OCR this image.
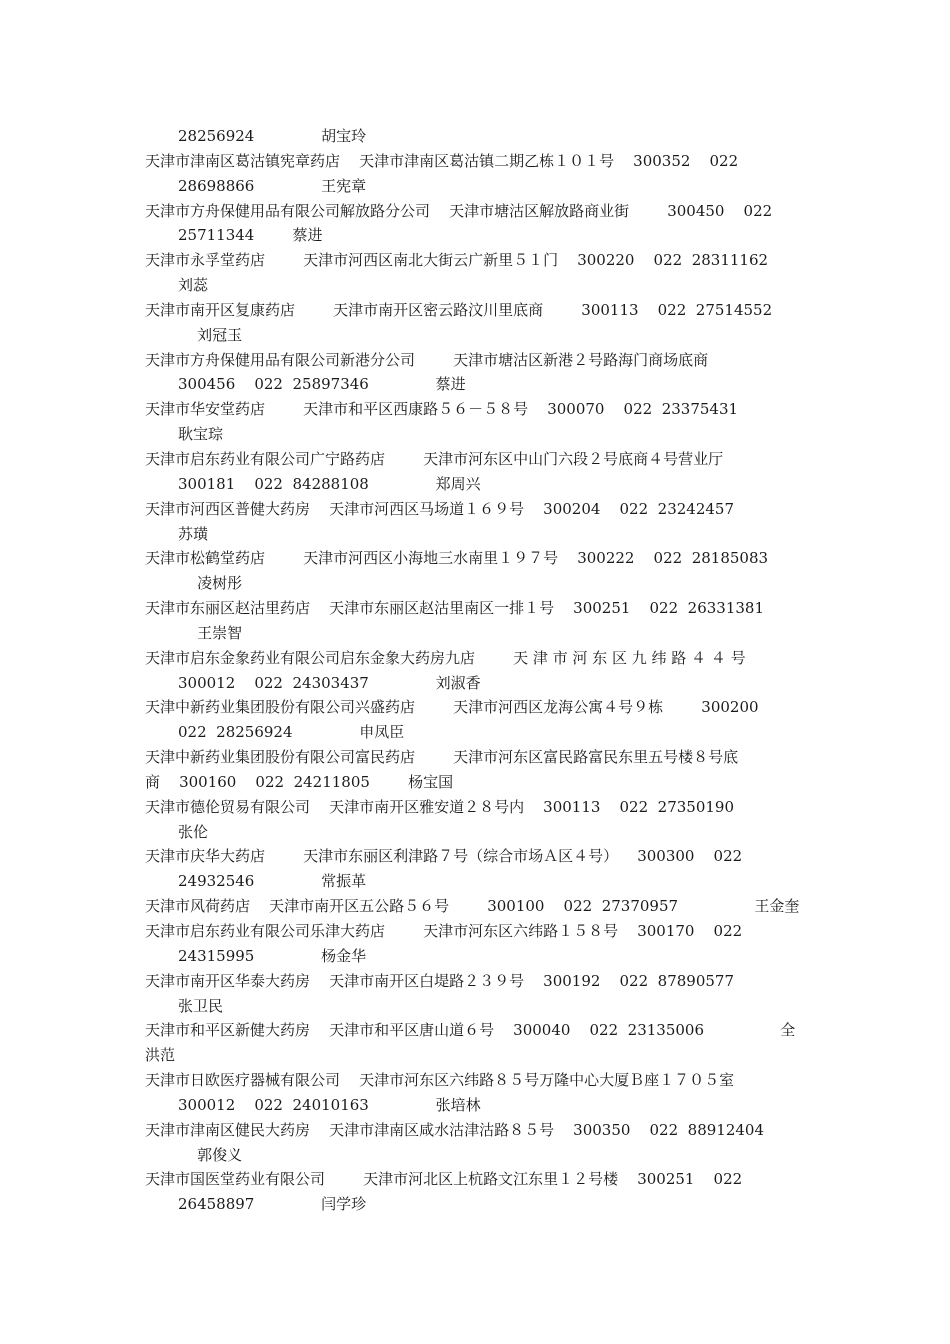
28256924              胡宝玲
天津市津南区葛沽镇宪章药店    天津市津南区葛沽镇二期乙栋１０１号    300352    022
28698866              王宪章
天津市方舟保健用品有限公司解放路分公司    天津市塘沽区解放路商业街        300450    022
25711344        蔡进
天津市永孚堂药店        天津市河西区南北大街云广新里５１门    300220    022  28311162
刘蕊
天津市南开区复康药店        天津市南开区密云路汶川里底商        300113    022  27514552
刘冠玉
天津市方舟保健用品有限公司新港分公司        天津市塘沽区新港２号路海门商场底商
300456    022  25897346              蔡进
天津市华安堂药店        天津市和平区西康路５６－５８号    300070    022  23375431
耿宝琮
天津市启东药业有限公司广宁路药店        天津市河东区中山门六段２号底商４号营业厅
300181    022  84288108              郑周兴
天津市河西区普健大药房    天津市河西区马场道１６９号    300204    022  23242457
苏璜
天津市松鹤堂药店        天津市河西区小海地三水南里１９７号    300222    022  28185083
凌树彤
天津市东丽区赵沽里药店    天津市东丽区赵沽里南区一排１号    300251    022  26331381
王崇智
天津市启东金象药业有限公司启东金象大药房九店        天 津 市 河 东 区 九 纬 路 ４ ４ 号
300012    022  24303437              刘淑香
天津中新药业集团股份有限公司兴盛药店        天津市河西区龙海公寓４号９栋        300200
022  28256924              申凤臣
天津中新药业集团股份有限公司富民药店        天津市河东区富民路富民东里五号楼８号底
商    300160    022  24211805        杨宝国
天津市德伦贸易有限公司    天津市南开区雅安道２８号内    300113    022  27350190
张伦
天津市庆华大药店        天津市东丽区利津路７号（综合市场Ａ区４号）    300300    022
24932546              常振革
天津市风荷药店    天津市南开区五公路５６号        300100    022  27370957                王金奎
天津市启东药业有限公司乐津大药店        天津市河东区六纬路１５８号    300170    022
24315995              杨金华
天津市南开区华泰大药房    天津市南开区白堤路２３９号    300192    022  87890577
张卫民
天津市和平区新健大药房    天津市和平区唐山道６号    300040    022  23135006                全
洪范
天津市日欧医疗器械有限公司    天津市河东区六纬路８５号万隆中心大厦Ｂ座１７０５室
300012    022  24010163              张培林
天津市津南区健民大药房    天津市津南区咸水沽津沽路８５号    300350    022  88912404
郭俊义
天津市国医堂药业有限公司        天津市河北区上杭路文江东里１２号楼    300251    022
26458897              闫学珍
